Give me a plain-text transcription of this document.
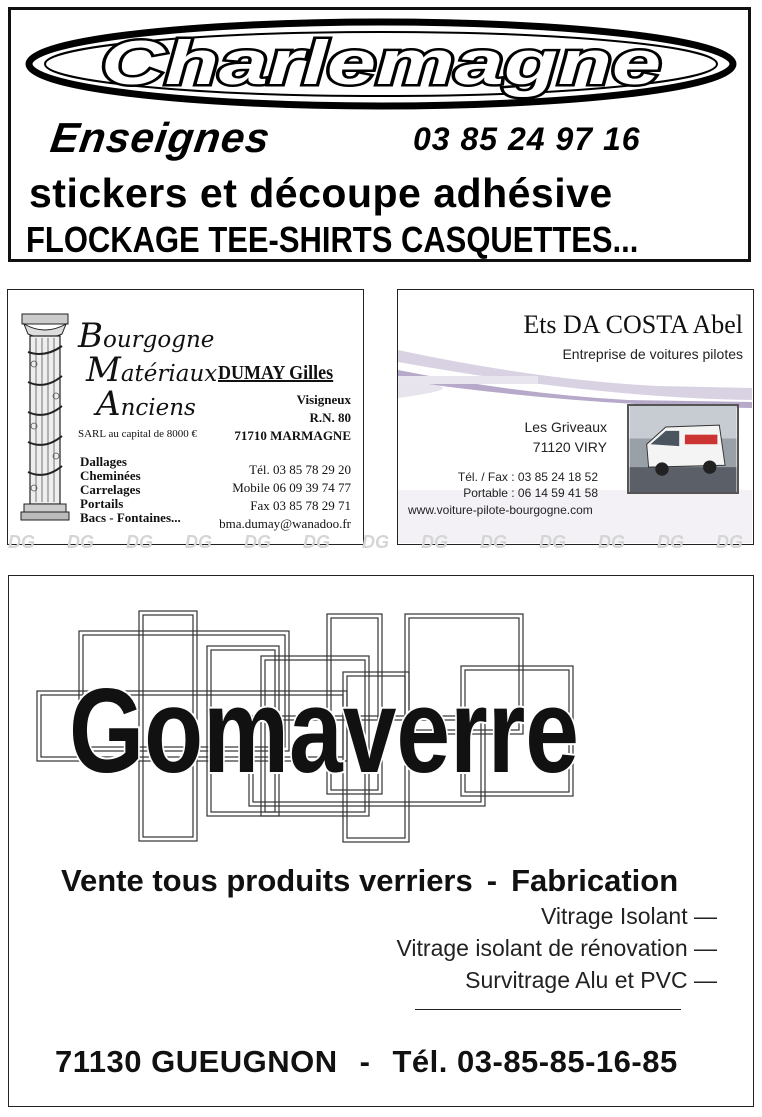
Charlemagne
Enseignes	03 85 24 97 16
stickers et découpe adhésive
FLOCKAGE TEE-SHIRTS CASQUETTES...
Bourgogne
Matériaux
Anciens
SARL au capital de 8000 €
Dallages
Cheminées
Carrelages
Portails
Bacs - Fontaines...
DUMAY Gilles
Visigneux
R.N. 80
71710 MARMAGNE
Tél. 03 85 78 29 20
Mobile 06 09 39 74 77
Fax 03 85 78 29 71
bma.dumay@wanadoo.fr
Ets DA COSTA Abel
Entreprise de voitures pilotes
Les Griveaux
71120 VIRY
Tél. / Fax : 03 85 24 18 52
Portable : 06 14 59 41 58
www.voiture-pilote-bourgogne.com
DG DG DG DG DG DG DG DG DG DG DG DG DG
Gomaverre
Vente tous produits verriers - Fabrication
Vitrage Isolant —
Vitrage isolant de rénovation —
Survitrage Alu et PVC —
71130 GUEUGNON - Tél. 03-85-85-16-85
